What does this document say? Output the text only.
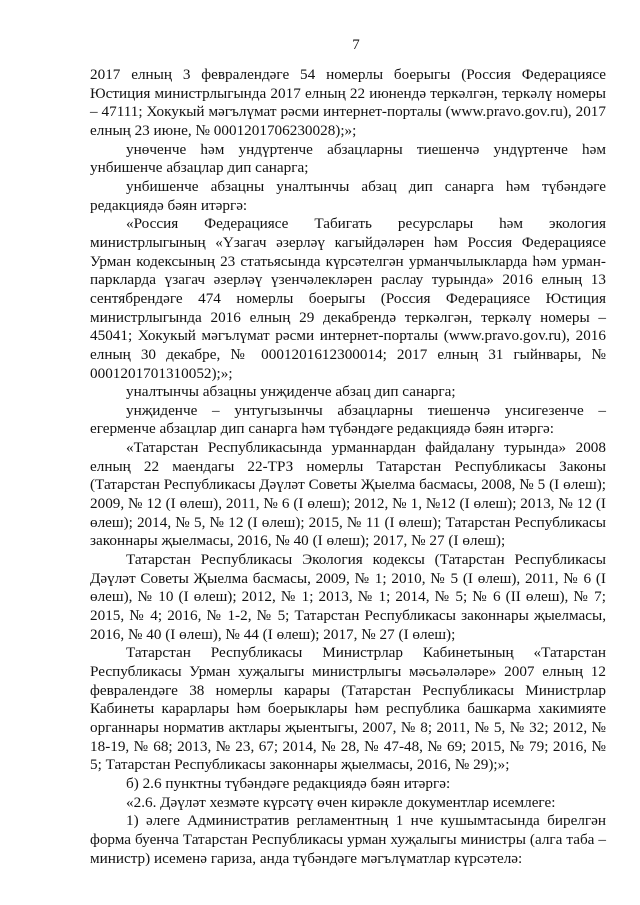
7

2017 елның 3 февралендәге 54 номерлы боерыгы (Россия Федерациясе Юстиция министрлыгында 2017 елның 22 июнендә теркәлгән, теркәлү номеры – 47111; Хокукый мәгълүмат рәсми интернет-порталы (www.pravo.gov.ru), 2017 елның 23 июне, № 0001201706230028);»;

унөченче һәм ундүртенче абзацларны тиешенчә ундүртенче һәм унбишенче абзацлар дип санарга;

унбишенче абзацны уналтынчы абзац дип санарга һәм түбәндәге редакциядә бәян итәргә:

«Россия Федерациясе Табигать ресурслары һәм экология министрлыгының «Үзагач әзерләү кагыйдәләрен һәм Россия Федерациясе Урман кодексының 23 статьясында күрсәтелгән урманчылыкларда һәм урман-паркларда үзагач әзерләү үзенчәлекләрен раслау турында» 2016 елның 13 сентябрендәге 474 номерлы боерыгы (Россия Федерациясе Юстиция министрлыгында 2016 елның 29 декабрендә теркәлгән, теркәлү номеры – 45041; Хокукый мәгълүмат рәсми интернет-порталы (www.pravo.gov.ru), 2016 елның 30 декабре, № 0001201612300014; 2017 елның 31 гыйнвары, № 0001201701310052);»;

уналтынчы абзацны унҗиденче абзац дип санарга;

унҗиденче – унтугызынчы абзацларны тиешенчә унсигезенче – егерменче абзацлар дип санарга һәм түбәндәге редакциядә бәян итәргә:

«Татарстан Республикасында урманнардан файдалану турында» 2008 елның 22 маендагы 22-ТРЗ номерлы Татарстан Республикасы Законы (Татарстан Республикасы Дәүләт Советы Җыелма басмасы, 2008, № 5 (I өлеш); 2009, № 12 (I өлеш), 2011, № 6 (I өлеш); 2012, № 1, №12 (I өлеш); 2013, № 12 (I өлеш); 2014, № 5, № 12 (I өлеш); 2015, № 11 (I өлеш); Татарстан Республикасы законнары җыелмасы, 2016, № 40 (I өлеш); 2017, № 27 (I өлеш);

Татарстан Республикасы Экология кодексы (Татарстан Республикасы Дәүләт Советы Җыелма басмасы, 2009, № 1; 2010, № 5 (I өлеш), 2011, № 6 (I өлеш), № 10 (I өлеш); 2012, № 1; 2013, № 1; 2014, № 5; № 6 (II өлеш), № 7; 2015, № 4; 2016, № 1-2, № 5; Татарстан Республикасы законнары җыелмасы, 2016, № 40 (I өлеш), № 44 (I өлеш); 2017, № 27 (I өлеш);

Татарстан Республикасы Министрлар Кабинетының «Татарстан Республикасы Урман хуҗалыгы министрлыгы мәсьәләләре» 2007 елның 12 февралендәге 38 номерлы карары (Татарстан Республикасы Министрлар Кабинеты карарлары һәм боерыклары һәм республика башкарма хакимияте органнары норматив актлары җыентыгы, 2007, № 8; 2011, № 5, № 32; 2012, № 18-19, № 68; 2013, № 23, 67; 2014, № 28, № 47-48, № 69; 2015, № 79; 2016, № 5; Татарстан Республикасы законнары җыелмасы, 2016, № 29);»;

б) 2.6 пунктны түбәндәге редакциядә бәян итәргә:

«2.6. Дәүләт хезмәте күрсәтү өчен кирәкле документлар исемлеге:

1) әлеге Административ регламентның 1 нче кушымтасында бирелгән форма буенча Татарстан Республикасы урман хуҗалыгы министры (алга таба – министр) исеменә гариза, анда түбәндәге мәгълүматлар күрсәтелә:
